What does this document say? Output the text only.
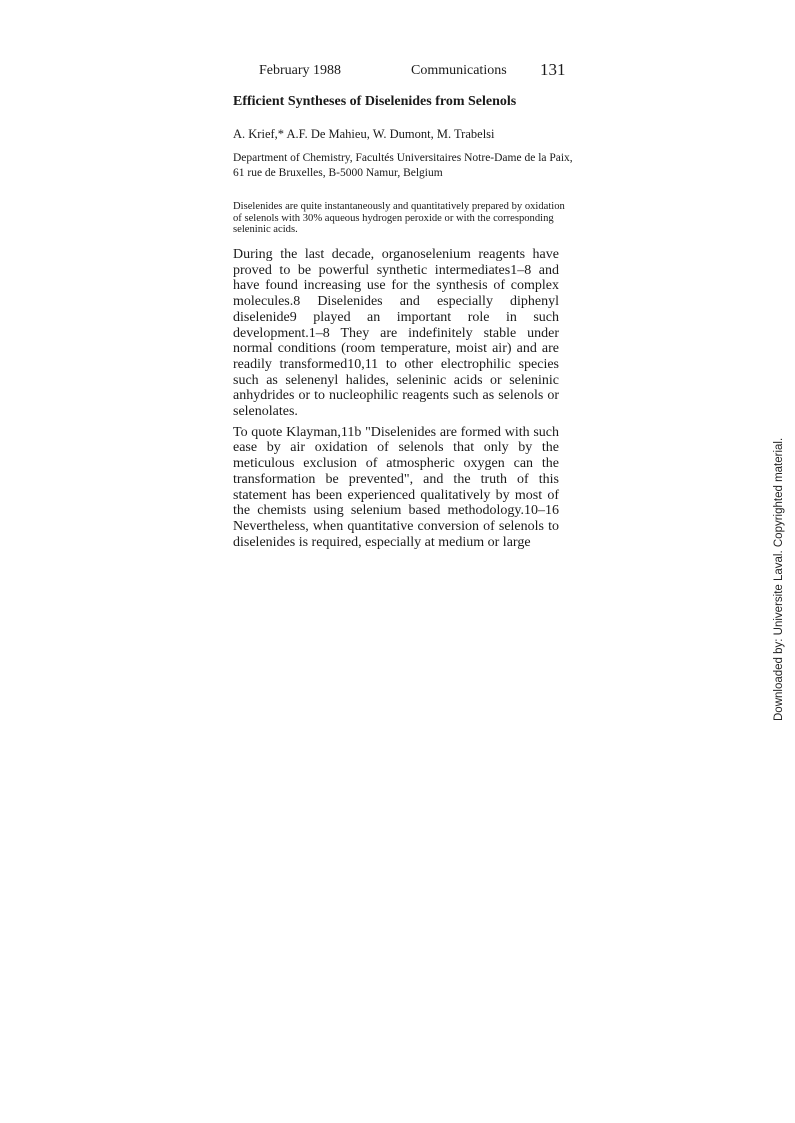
February 1988	Communications 131
Efficient Syntheses of Diselenides from Selenols

A. Krief,* A.F. De Mahieu, W. Dumont, M. Trabelsi

Department of Chemistry, Facultés Universitaires Notre-Dame de la Paix, 61 rue de Bruxelles, B-5000 Namur, Belgium

Diselenides are quite instantaneously and quantitatively prepared by oxidation of selenols with 30% aqueous hydrogen peroxide or with the corresponding seleninic acids.

During the last decade, organoselenium reagents have proved to be powerful synthetic intermediates1–8 and have found increasing use for the synthesis of complex molecules.8 Diselenides and especially diphenyl diselenide9 played an important role in such development.1–8 They are indefinitely stable under normal conditions (room temperature, moist air) and are readily transformed10,11 to other electrophilic species such as selenenyl halides, seleninic acids or seleninic anhydrides or to nucleophilic reagents such as selenols or selenolates.

To quote Klayman,11b "Diselenides are formed with such ease by air oxidation of selenols that only by the meticulous exclusion of atmospheric oxygen can the transformation be prevented", and the truth of this statement has been experienced qualitatively by most of the chemists using selenium based methodology.10–16 Nevertheless, when quantitative conversion of selenols to diselenides is required, especially at medium or large	Downloaded by: Universite Laval. Copyrighted material.
